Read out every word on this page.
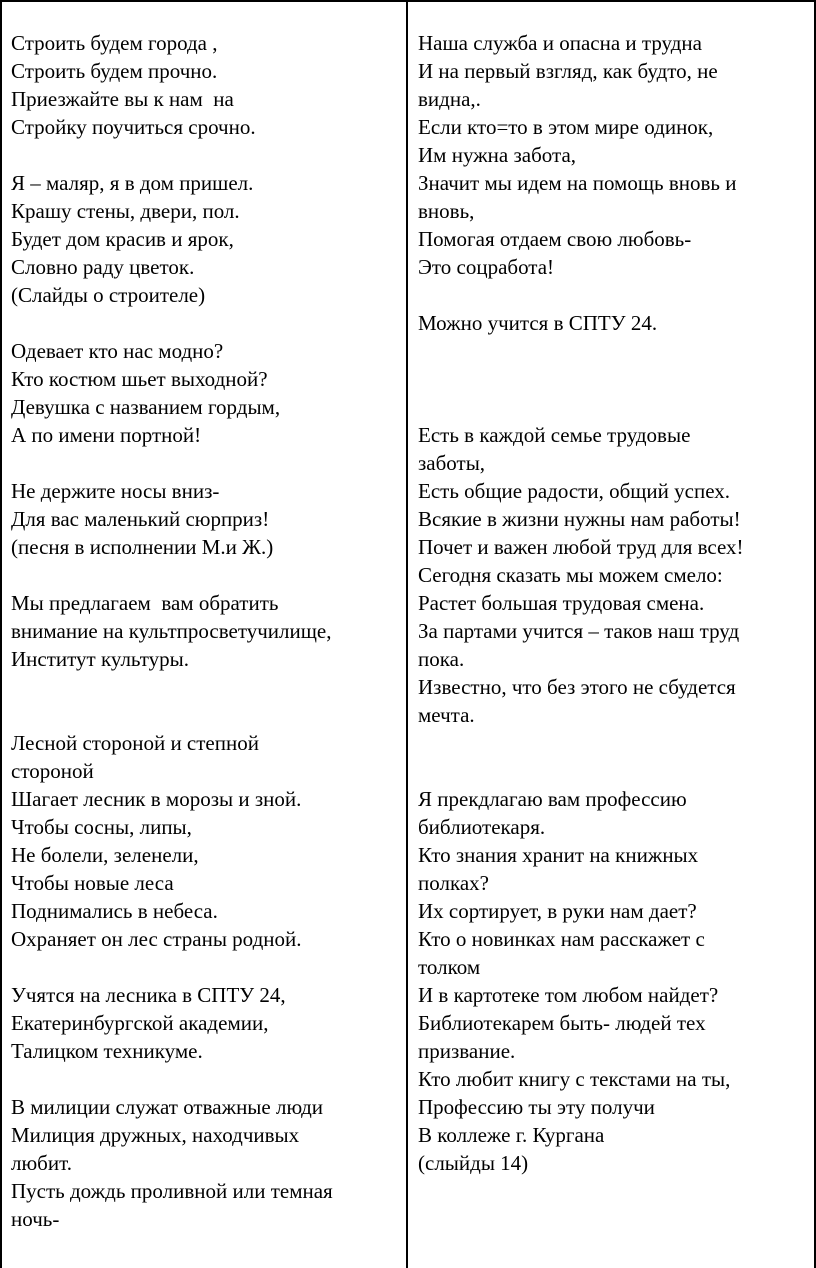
Строить будем города ,
Строить будем прочно.
Приезжайте вы к нам  на
Стройку поучиться срочно.
Я – маляр, я в дом пришел.
Крашу стены, двери, пол.
Будет дом красив и ярок,
Словно раду цветок.
(Слайды о строителе)
Одевает кто нас модно?
Кто костюм шьет выходной?
Девушка с названием гордым,
А по имени портной!
Не держите носы вниз-
Для вас маленький сюрприз!
(песня в исполнении М.и Ж.)
Мы предлагаем  вам обратить
внимание на культпросветучилище,
Институт культуры.
Лесной стороной и степной
стороной
Шагает лесник в морозы и зной.
Чтобы сосны, липы,
Не болели, зеленели,
Чтобы новые леса
Поднимались в небеса.
Охраняет он лес страны родной.
Учятся на лесника в СПТУ 24,
Екатеринбургской академии,
Талицком техникуме.
В милиции служат отважные люди
Милиция дружных, находчивых
любит.
Пусть дождь проливной или темная
ночь-
Наша служба и опасна и трудна
И на первый взгляд, как будто, не
видна,.
Если кто=то в этом мире одинок,
Им нужна забота,
Значит мы идем на помощь вновь и
вновь,
Помогая отдаем свою любовь-
Это соцработа!
Можно учится в СПТУ 24.
Есть в каждой семье трудовые
заботы,
Есть общие радости, общий успех.
Всякие в жизни нужны нам работы!
Почет и важен любой труд для всех!
Сегодня сказать мы можем смело:
Растет большая трудовая смена.
За партами учится – таков наш труд
пока.
Известно, что без этого не сбудется
мечта.
Я прекдлагаю вам профессию
библиотекаря.
Кто знания хранит на книжных
полках?
Их сортирует, в руки нам дает?
Кто о новинках нам расскажет с
толком
И в картотеке том любом найдет?
Библиотекарем быть- людей тех
призвание.
Кто любит книгу с текстами на ты,
Профессию ты эту получи
В коллеже г. Кургана
(слыйды 14)
